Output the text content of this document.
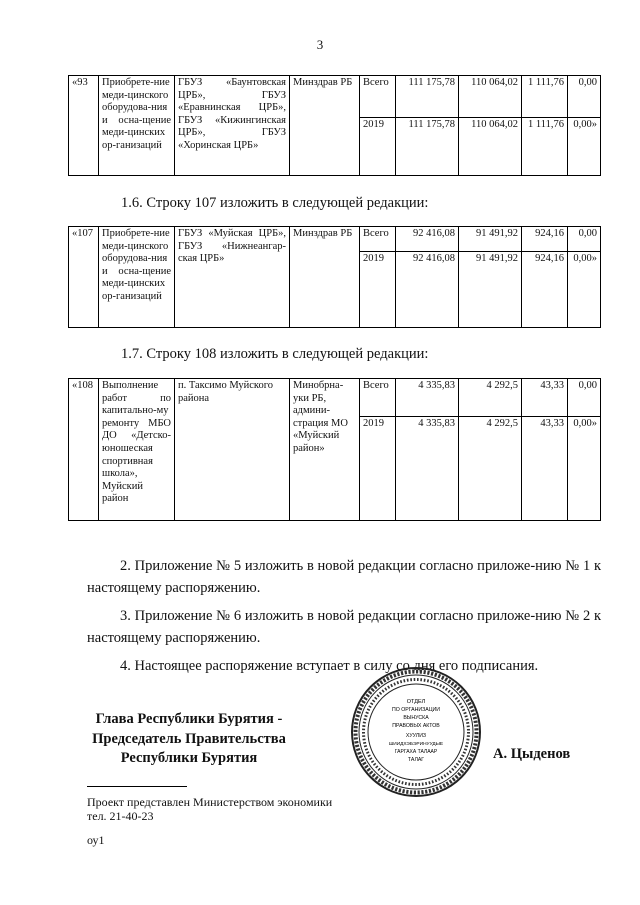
3
«93	Приобрете-ние меди-цинского оборудова-ния и осна-щение меди-цинских ор-ганизаций	ГБУЗ «Баунтовская ЦРБ», ГБУЗ «Еравнинская ЦРБ», ГБУЗ «Кижингинская ЦРБ», ГБУЗ «Хоринская ЦРБ»	Минздрав РБ	Всего	111 175,78	110 064,02	1 111,76	0,00
				2019	111 175,78	110 064,02	1 111,76	0,00»
1.6. Строку 107 изложить в следующей редакции:
«107	Приобрете-ние меди-цинского оборудова-ния и осна-щение меди-цинских ор-ганизаций	ГБУЗ «Муйская ЦРБ», ГБУЗ «Нижнеангар-ская ЦРБ»	Минздрав РБ	Всего	92 416,08	91 491,92	924,16	0,00
				2019	92 416,08	91 491,92	924,16	0,00»
1.7. Строку 108 изложить в следующей редакции:
«108	Выполнение работ по капитально-му ремонту МБО ДО «Детско-юношеская спортивная школа», Муйский район	п. Таксимо Муйского района	Минобрна-уки РБ, админи-страция МО «Муйский район»	Всего	4 335,83	4 292,5	43,33	0,00
				2019	4 335,83	4 292,5	43,33	0,00»
2. Приложение № 5 изложить в новой редакции согласно приложе-нию № 1 к настоящему распоряжению.
3. Приложение № 6 изложить в новой редакции согласно приложе-нию № 2 к настоящему распоряжению.
4. Настоящее распоряжение вступает в силу со дня его подписания.
Глава Республики Бурятия -
Председатель Правительства
Республики Бурятия
ОТДЕЛ
ПО ОРГАНИЗАЦИИ
ВЫНУСКА
ПРАВОВЫХ АКТОВ
ХУУЛИЗ
ШИИДХЭБЭРИНУУДЫЕ
ГАРГАХА ТАЛААР
ТАЛАГ	А. Цыденов
Проект представлен Министерством экономики
тел. 21-40-23
оу1
